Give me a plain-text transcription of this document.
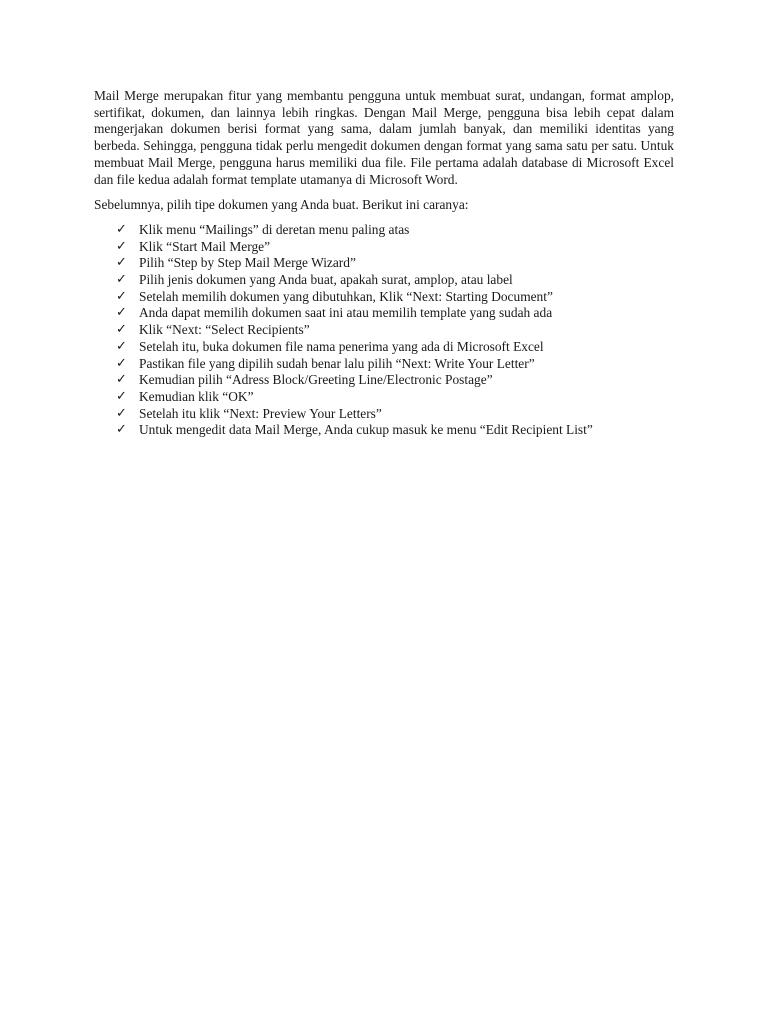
Mail Merge merupakan fitur yang membantu pengguna untuk membuat surat, undangan, format amplop, sertifikat, dokumen, dan lainnya lebih ringkas. Dengan Mail Merge, pengguna bisa lebih cepat dalam mengerjakan dokumen berisi format yang sama, dalam jumlah banyak, dan memiliki identitas yang berbeda. Sehingga, pengguna tidak perlu mengedit dokumen dengan format yang sama satu per satu. Untuk membuat Mail Merge, pengguna harus memiliki dua file. File pertama adalah database di Microsoft Excel dan file kedua adalah format template utamanya di Microsoft Word.

Sebelumnya, pilih tipe dokumen yang Anda buat. Berikut ini caranya:

✓ Klik menu “Mailings” di deretan menu paling atas
✓ Klik “Start Mail Merge”
✓ Pilih “Step by Step Mail Merge Wizard”
✓ Pilih jenis dokumen yang Anda buat, apakah surat, amplop, atau label
✓ Setelah memilih dokumen yang dibutuhkan, Klik “Next: Starting Document”
✓ Anda dapat memilih dokumen saat ini atau memilih template yang sudah ada
✓ Klik “Next: “Select Recipients”
✓ Setelah itu, buka dokumen file nama penerima yang ada di Microsoft Excel
✓ Pastikan file yang dipilih sudah benar lalu pilih “Next: Write Your Letter”
✓ Kemudian pilih “Adress Block/Greeting Line/Electronic Postage”
✓ Kemudian klik “OK”
✓ Setelah itu klik “Next: Preview Your Letters”
✓ Untuk mengedit data Mail Merge, Anda cukup masuk ke menu “Edit Recipient List”
